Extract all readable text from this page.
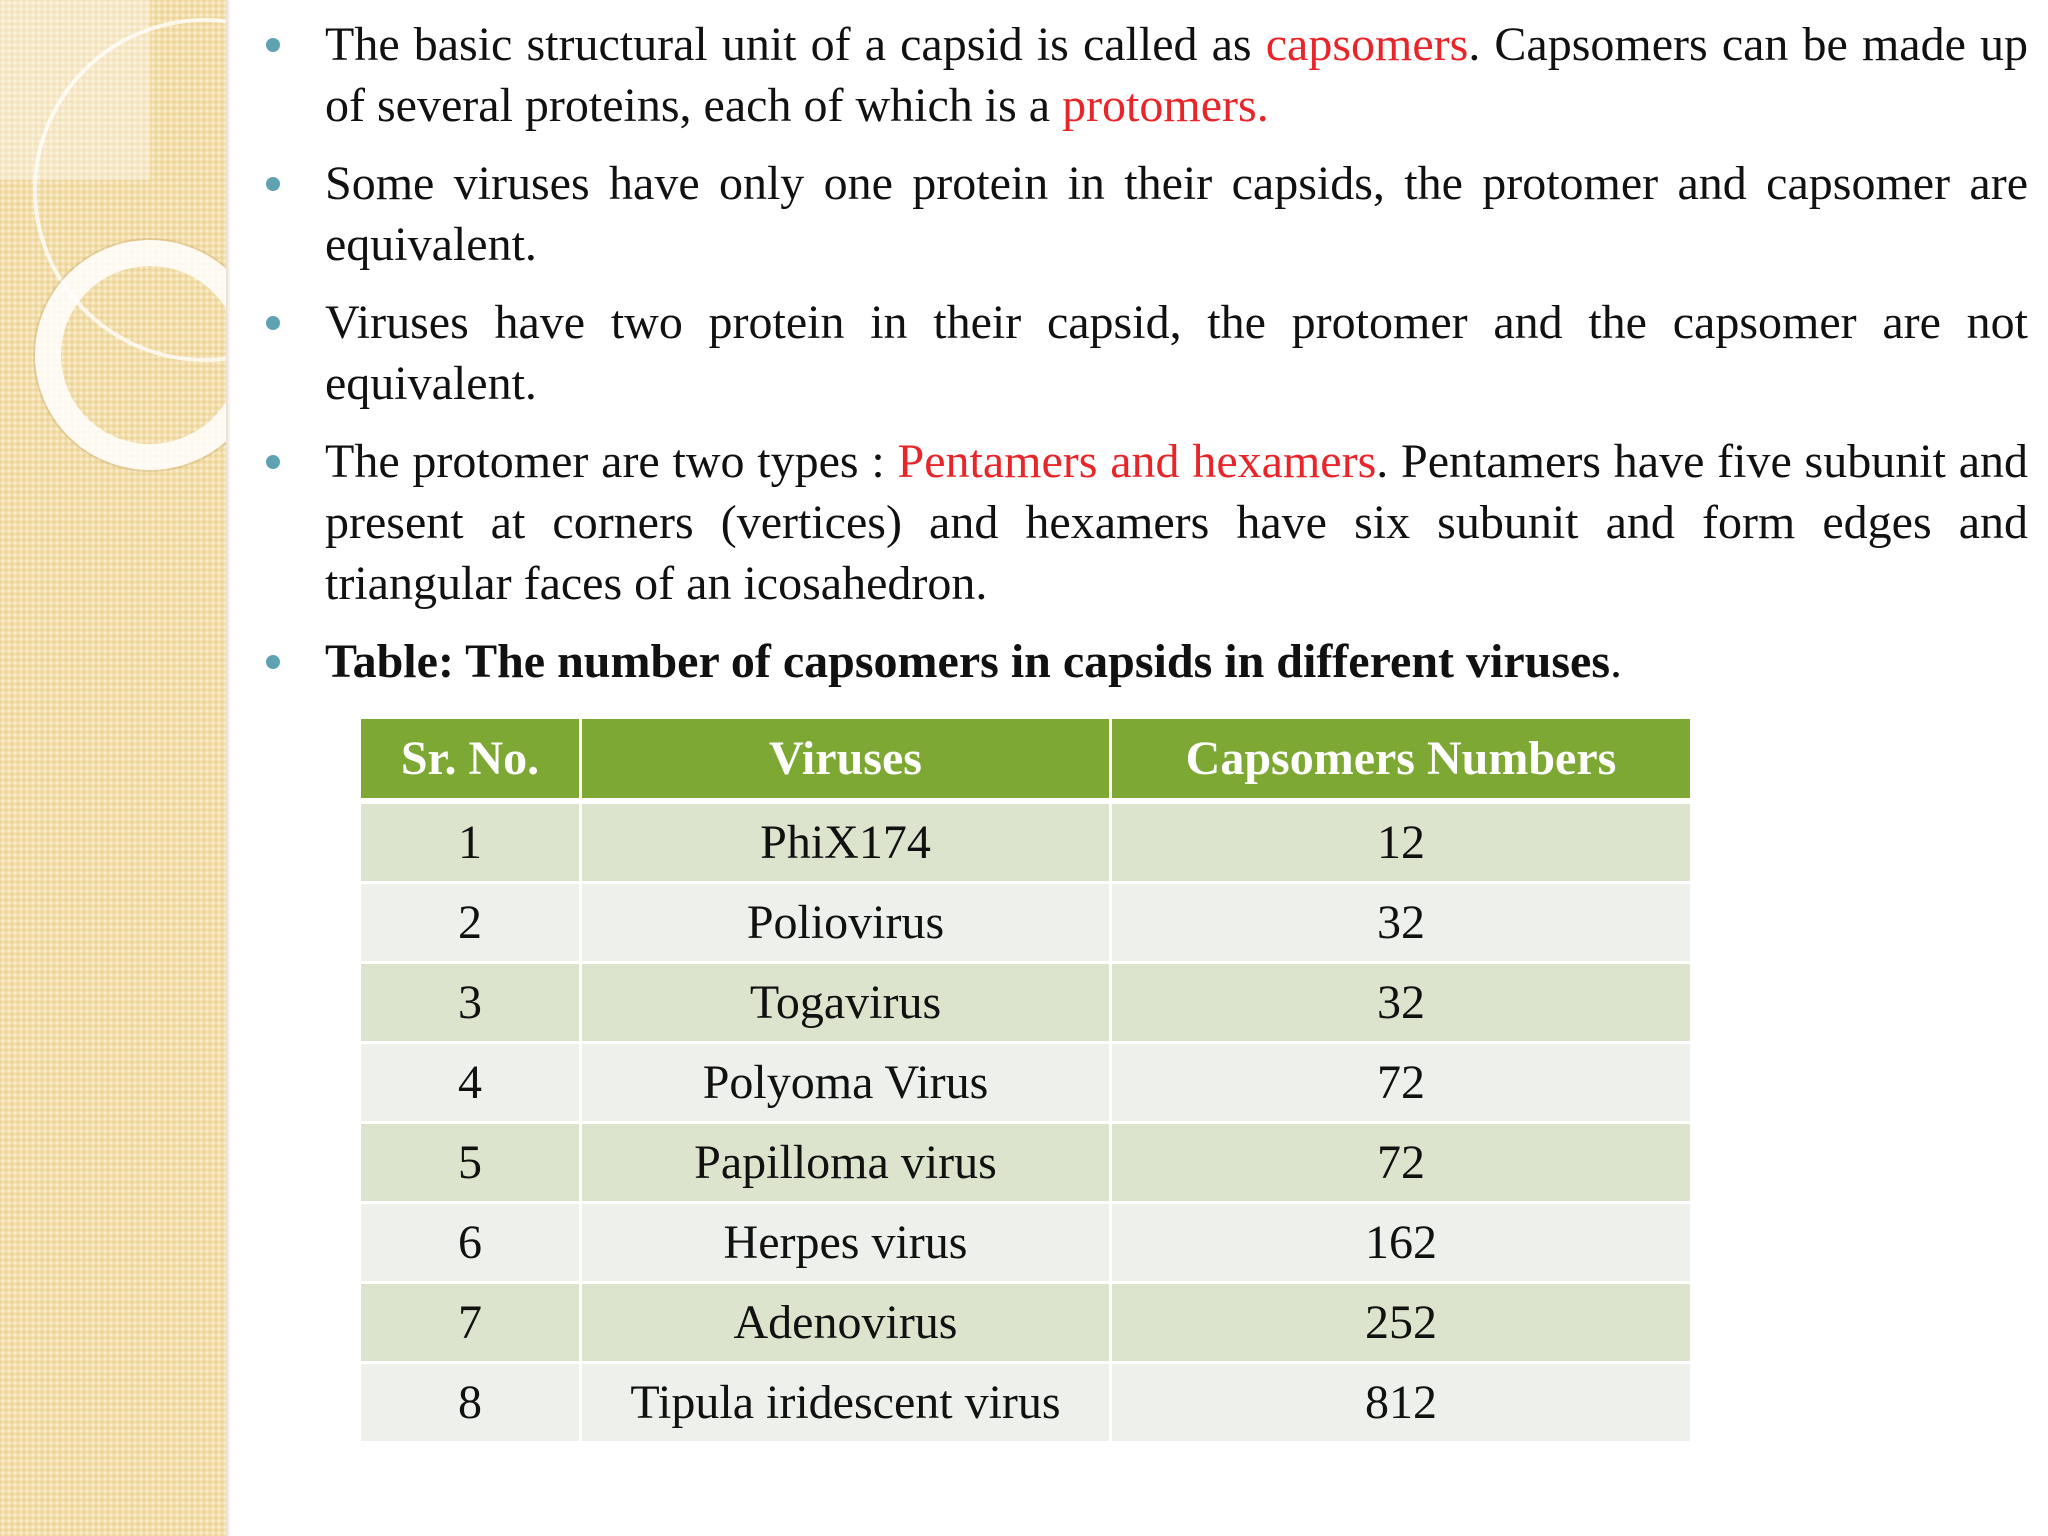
The basic structural unit of a capsid is called as capsomers. Capsomers can be made up of several proteins, each of which is a protomers.
Some viruses have only one protein in their capsids, the protomer and capsomer are equivalent.
Viruses have two protein in their capsid, the protomer and the capsomer are not equivalent.
The protomer are two types : Pentamers and hexamers. Pentamers have five subunit and present at corners (vertices) and hexamers have six subunit and form edges and triangular faces of an icosahedron.
Table: The number of capsomers in capsids in different viruses.
Sr. No.	Viruses	Capsomers Numbers
1	PhiX174	12
2	Poliovirus	32
3	Togavirus	32
4	Polyoma Virus	72
5	Papilloma virus	72
6	Herpes virus	162
7	Adenovirus	252
8	Tipula iridescent virus	812
